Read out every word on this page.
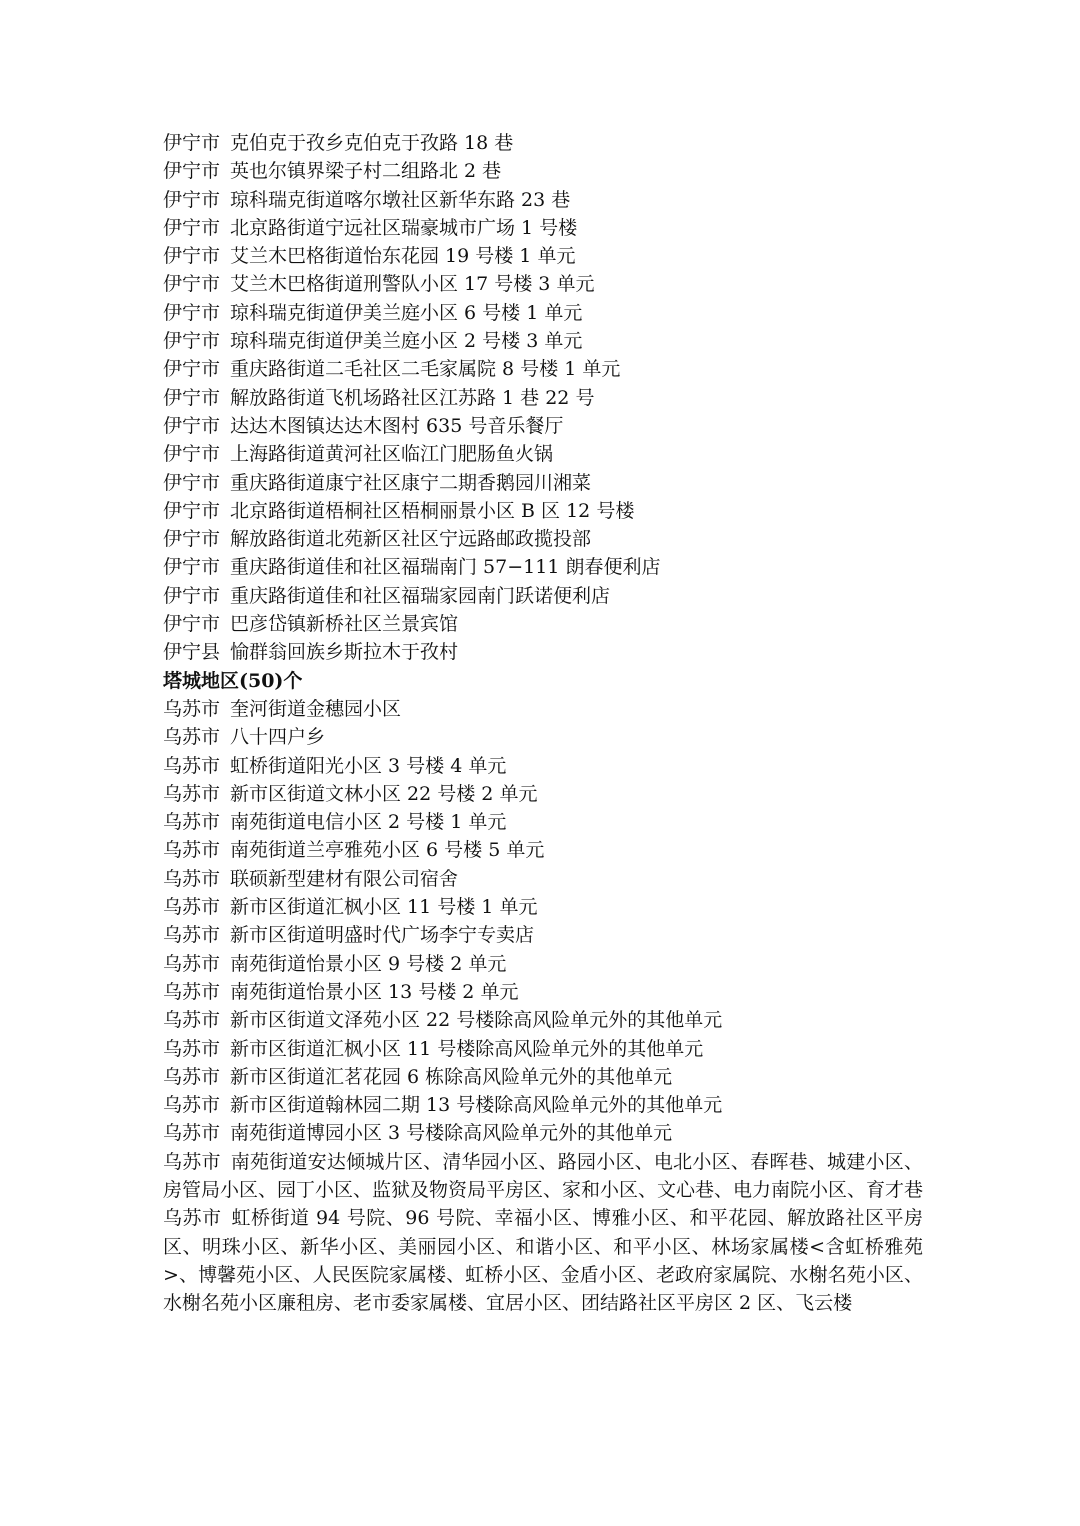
伊宁市 克伯克于孜乡克伯克于孜路 18 巷
伊宁市 英也尔镇界梁子村二组路北 2 巷
伊宁市 琼科瑞克街道喀尔墩社区新华东路 23 巷
伊宁市 北京路街道宁远社区瑞豪城市广场 1 号楼
伊宁市 艾兰木巴格街道怡东花园 19 号楼 1 单元
伊宁市 艾兰木巴格街道刑警队小区 17 号楼 3 单元
伊宁市 琼科瑞克街道伊美兰庭小区 6 号楼 1 单元
伊宁市 琼科瑞克街道伊美兰庭小区 2 号楼 3 单元
伊宁市 重庆路街道二毛社区二毛家属院 8 号楼 1 单元
伊宁市 解放路街道飞机场路社区江苏路 1 巷 22 号
伊宁市 达达木图镇达达木图村 635 号音乐餐厅
伊宁市 上海路街道黄河社区临江门肥肠鱼火锅
伊宁市 重庆路街道康宁社区康宁二期香鹅园川湘菜
伊宁市 北京路街道梧桐社区梧桐丽景小区 B 区 12 号楼
伊宁市 解放路街道北苑新区社区宁远路邮政揽投部
伊宁市 重庆路街道佳和社区福瑞南门 57−111 朗春便利店
伊宁市 重庆路街道佳和社区福瑞家园南门跃诺便利店
伊宁市 巴彦岱镇新桥社区兰景宾馆
伊宁县 愉群翁回族乡斯拉木于孜村
塔城地区(50)个
乌苏市 奎河街道金穗园小区
乌苏市 八十四户乡
乌苏市 虹桥街道阳光小区 3 号楼 4 单元
乌苏市 新市区街道文林小区 22 号楼 2 单元
乌苏市 南苑街道电信小区 2 号楼 1 单元
乌苏市 南苑街道兰亭雅苑小区 6 号楼 5 单元
乌苏市 联硕新型建材有限公司宿舍
乌苏市 新市区街道汇枫小区 11 号楼 1 单元
乌苏市 新市区街道明盛时代广场李宁专卖店
乌苏市 南苑街道怡景小区 9 号楼 2 单元
乌苏市 南苑街道怡景小区 13 号楼 2 单元
乌苏市 新市区街道文泽苑小区 22 号楼除高风险单元外的其他单元
乌苏市 新市区街道汇枫小区 11 号楼除高风险单元外的其他单元
乌苏市 新市区街道汇茗花园 6 栋除高风险单元外的其他单元
乌苏市 新市区街道翰林园二期 13 号楼除高风险单元外的其他单元
乌苏市 南苑街道博园小区 3 号楼除高风险单元外的其他单元
乌苏市 南苑街道安达倾城片区、清华园小区、路园小区、电北小区、春晖巷、城建小区、房管局小区、园丁小区、监狱及物资局平房区、家和小区、文心巷、电力南院小区、育才巷
乌苏市 虹桥街道 94 号院、96 号院、幸福小区、博雅小区、和平花园、解放路社区平房区、明珠小区、新华小区、美丽园小区、和谐小区、和平小区、林场家属楼<含虹桥雅苑>、博馨苑小区、人民医院家属楼、虹桥小区、金盾小区、老政府家属院、水榭名苑小区、水榭名苑小区廉租房、老市委家属楼、宜居小区、团结路社区平房区 2 区、飞云楼
